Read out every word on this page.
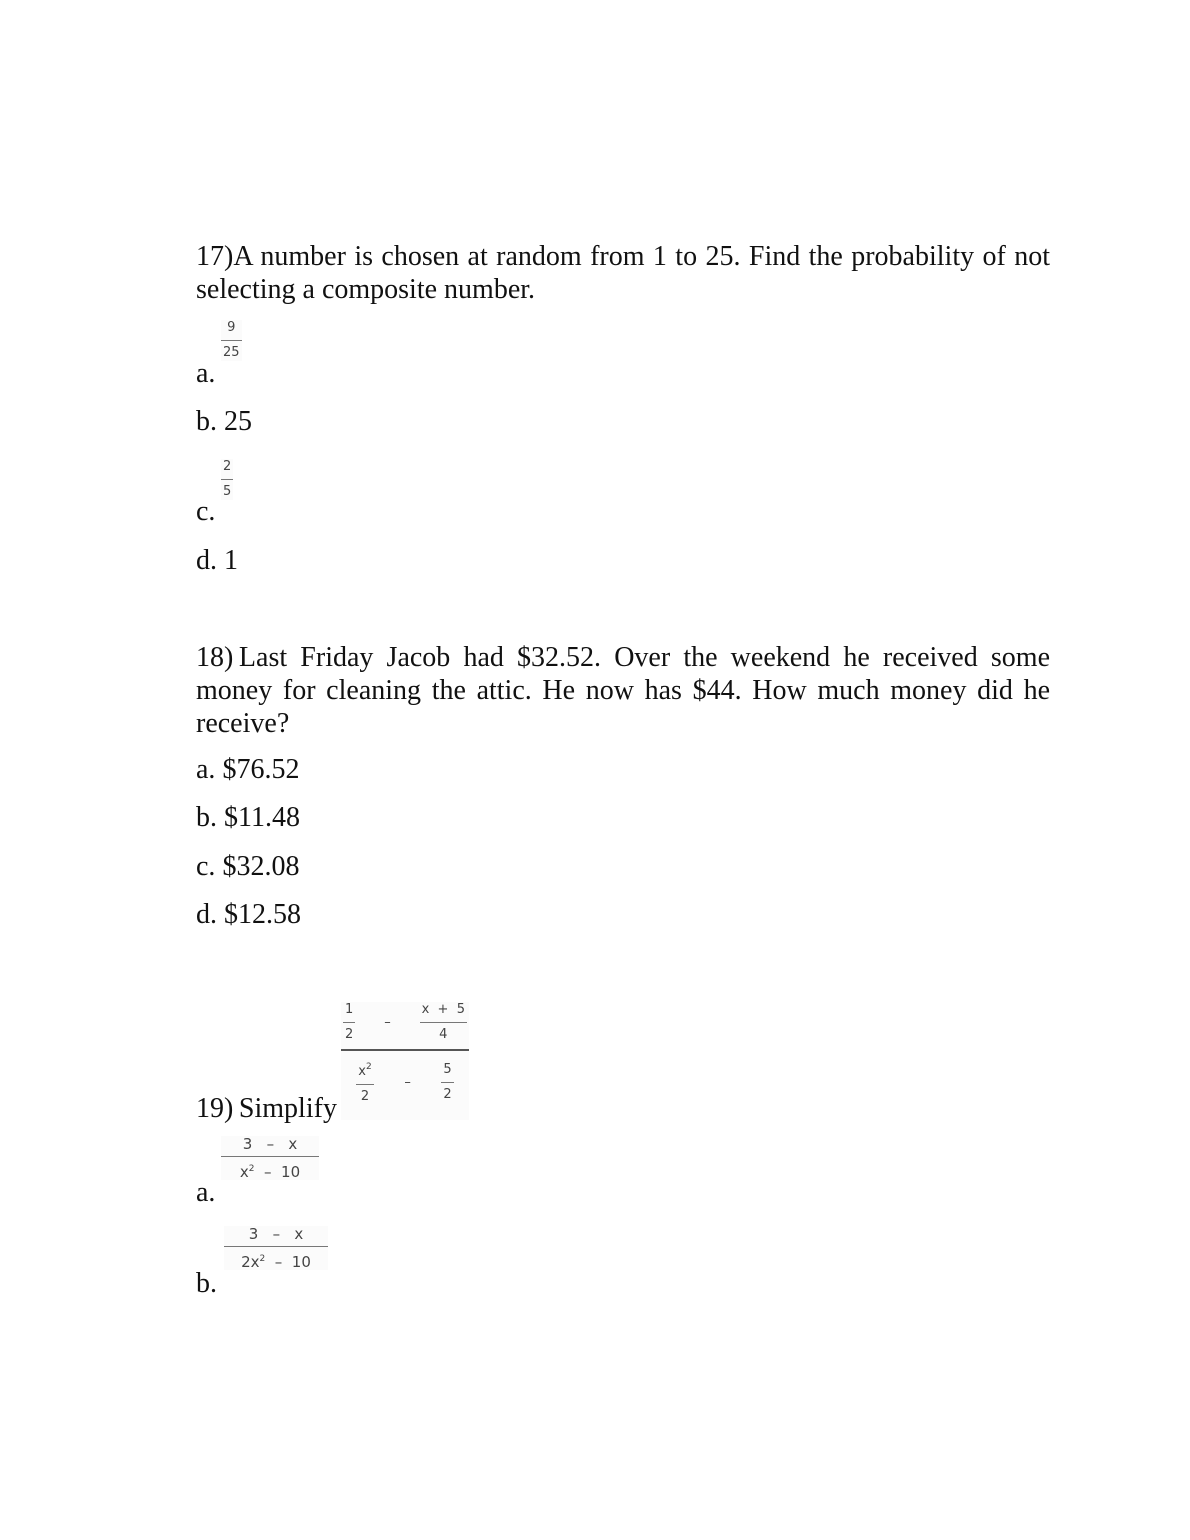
17)A number is chosen at random from 1 to 25. Find the probability of not selecting a composite number.
a.
9
25
b. 25
c.
2
5
d. 1
18) Last Friday Jacob had $32.52. Over the weekend he received some money for cleaning the attic. He now has $44. How much money did he receive?
a. $76.52
b. $11.48
c. $32.08
d. $12.58
19) Simplify
$\frac{1}{2} - \frac{x + 5}{4}$
$\frac{x^2}{2} - \frac{5}{2}$
a.
3   –   x
$x^2 - 10$
b.
3   –   x
$2x^2 - 10$
